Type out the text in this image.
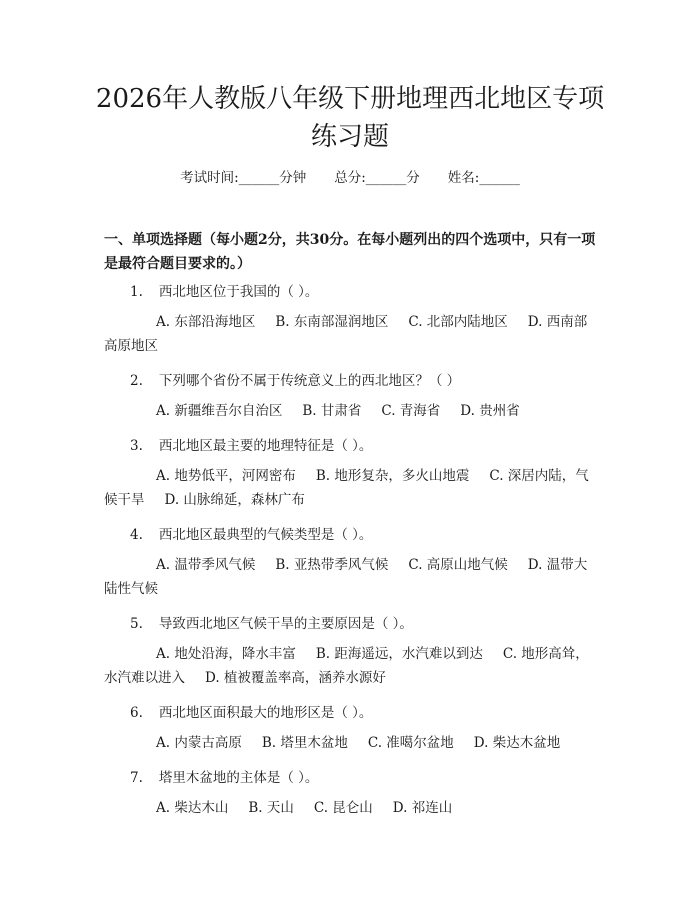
2026年人教版八年级下册地理西北地区专项
练习题
考试时间:______分钟 总分:______分 姓名:______
一、单项选择题（每小题2分，共30分。在每小题列出的四个选项中，只有一项是最符合题目要求的。）
1. 西北地区位于我国的（ ）。
A. 东部沿海地区 B. 东南部湿润地区 C. 北部内陆地区 D. 西南部高原地区
2. 下列哪个省份不属于传统意义上的西北地区？（ ）
A. 新疆维吾尔自治区 B. 甘肃省 C. 青海省 D. 贵州省
3. 西北地区最主要的地理特征是（ ）。
A. 地势低平，河网密布 B. 地形复杂，多火山地震 C. 深居内陆，气候干旱 D. 山脉绵延，森林广布
4. 西北地区最典型的气候类型是（ ）。
A. 温带季风气候 B. 亚热带季风气候 C. 高原山地气候 D. 温带大陆性气候
5. 导致西北地区气候干旱的主要原因是（ ）。
A. 地处沿海，降水丰富 B. 距海遥远，水汽难以到达 C. 地形高耸，水汽难以进入 D. 植被覆盖率高，涵养水源好
6. 西北地区面积最大的地形区是（ ）。
A. 内蒙古高原 B. 塔里木盆地 C. 准噶尔盆地 D. 柴达木盆地
7. 塔里木盆地的主体是（ ）。
A. 柴达木山 B. 天山 C. 昆仑山 D. 祁连山
